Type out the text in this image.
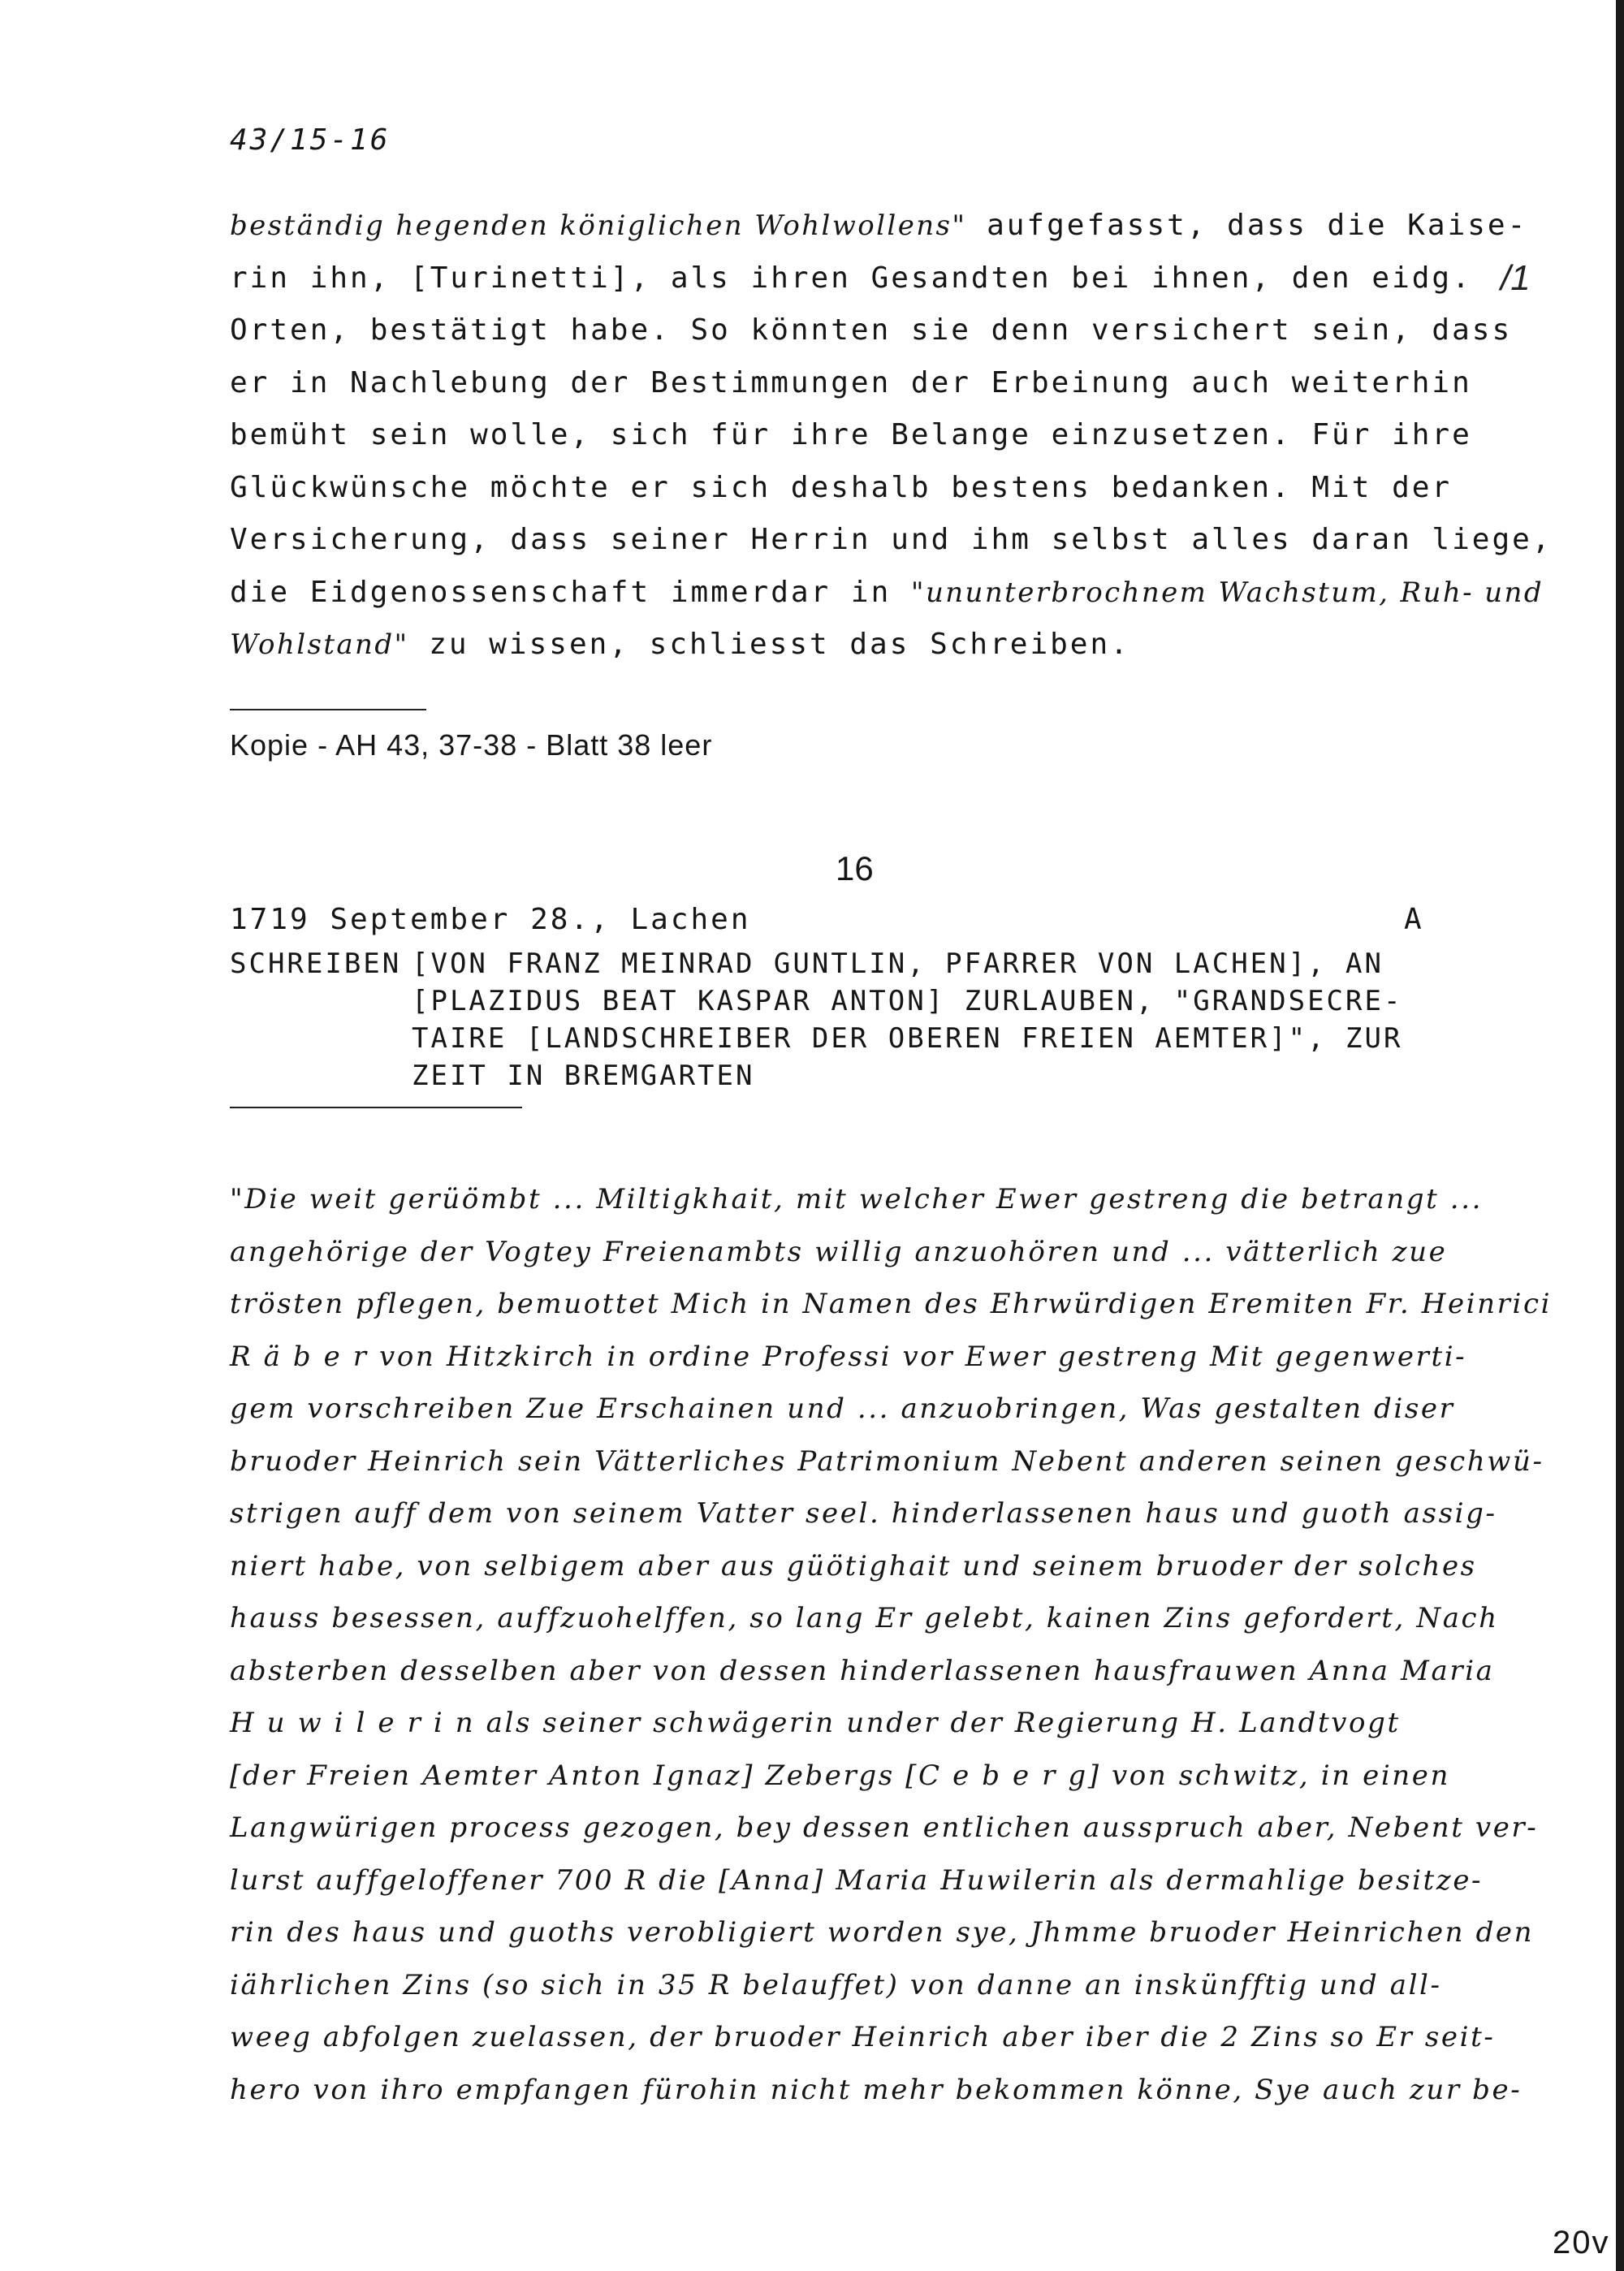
43/15-16
beständig hegenden königlichen Wohlwollens" aufgefasst, dass die Kaise-
rin ihn, [Turinetti], als ihren Gesandten bei ihnen, den eidg.
Orten, bestätigt habe. So könnten sie denn versichert sein, dass
er in Nachlebung der Bestimmungen der Erbeinung auch weiterhin
bemüht sein wolle, sich für ihre Belange einzusetzen. Für ihre
Glückwünsche möchte er sich deshalb bestens bedanken. Mit der
Versicherung, dass seiner Herrin und ihm selbst alles daran liege,
die Eidgenossenschaft immerdar in "ununterbrochnem Wachstum, Ruh- und
Wohlstand" zu wissen, schliesst das Schreiben.
/1
Kopie - AH 43, 37-38 - Blatt 38 leer
16
1719 September 28., Lachen	A
SCHREIBEN [VON FRANZ MEINRAD GUNTLIN, PFARRER VON LACHEN], AN
[PLAZIDUS BEAT KASPAR ANTON] ZURLAUBEN, "GRANDSECRE-
TAIRE [LANDSCHREIBER DER OBEREN FREIEN AEMTER]", ZUR
ZEIT IN BREMGARTEN
"Die weit gerüömbt ... Miltigkhait, mit welcher Ewer gestreng die betrangt ...
angehörige der Vogtey Freienambts willig anzuohören und ... vätterlich zue
trösten pflegen, bemuottet Mich in Namen des Ehrwürdigen Eremiten Fr. Heinrici
R ä b e r von Hitzkirch in ordine Professi vor Ewer gestreng Mit gegenwerti-
gem vorschreiben Zue Erschainen und ... anzuobringen, Was gestalten diser
bruoder Heinrich sein Vätterliches Patrimonium Nebent anderen seinen geschwü-
strigen auff dem von seinem Vatter seel. hinderlassenen haus und guoth assig-
niert habe, von selbigem aber aus güötighait und seinem bruoder der solches
hauss besessen, auffzuohelffen, so lang Er gelebt, kainen Zins gefordert, Nach
absterben desselben aber von dessen hinderlassenen hausfrauwen Anna Maria
H u w i l e r i n als seiner schwägerin under der Regierung H. Landtvogt
[der Freien Aemter Anton Ignaz] Zebergs [C e b e r g] von schwitz, in einen
Langwürigen process gezogen, bey dessen entlichen ausspruch aber, Nebent ver-
lurst auffgeloffener 700 R die [Anna] Maria Huwilerin als dermahlige besitze-
rin des haus und guoths verobligiert worden sye, Jhmme bruoder Heinrichen den
iährlichen Zins (so sich in 35 R belauffet) von danne an inskünfftig und all-
weeg abfolgen zuelassen, der bruoder Heinrich aber iber die 2 Zins so Er seit-
hero von ihro empfangen fürohin nicht mehr bekommen könne, Sye auch zur be-
20v
